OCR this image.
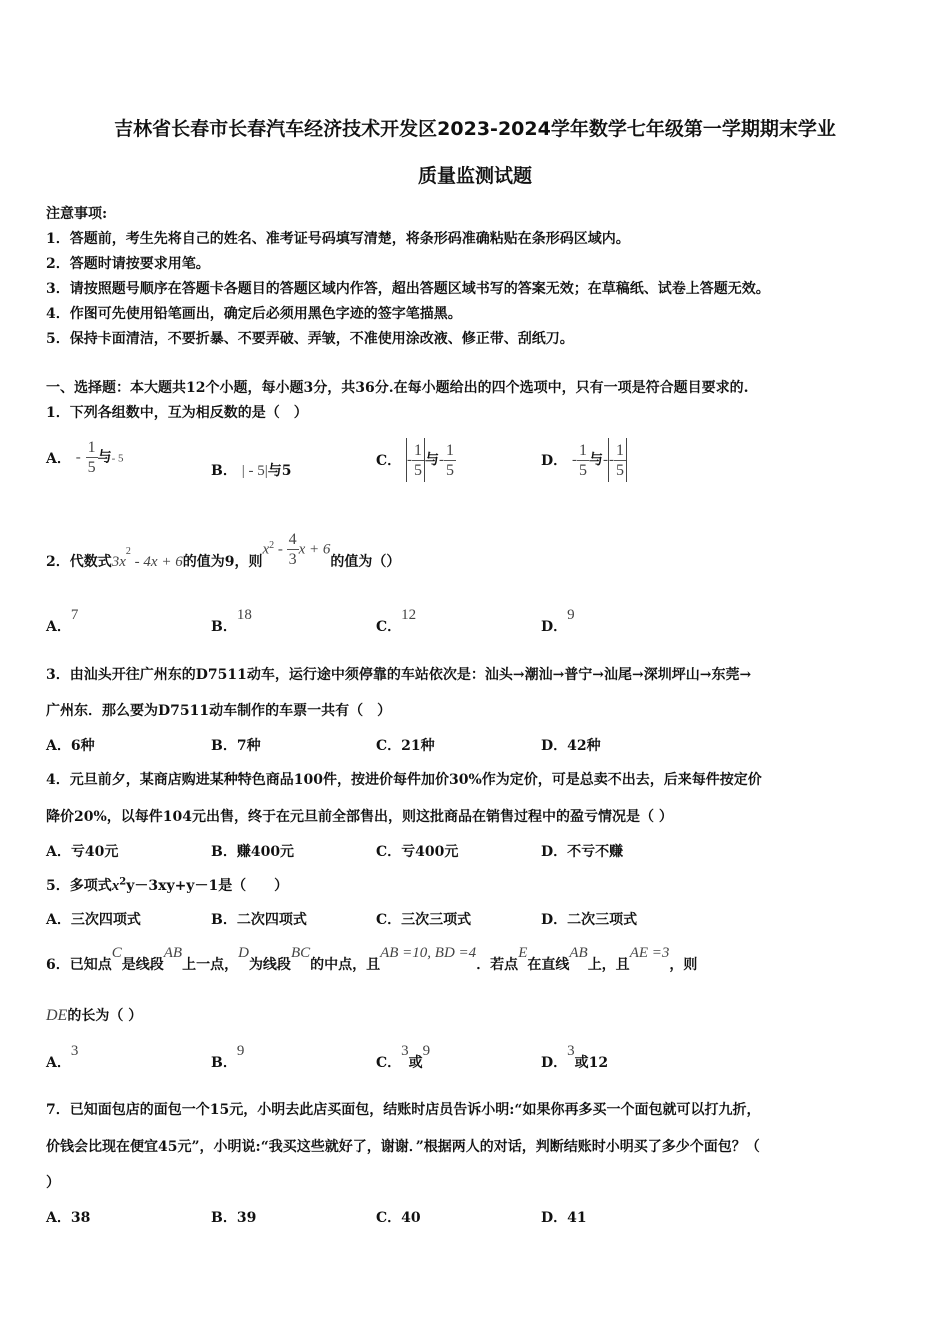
吉林省长春市长春汽车经济技术开发区2023-2024学年数学七年级第一学期期末学业
质量监测试题
注意事项:
1．答题前，考生先将自己的姓名、准考证号码填写清楚，将条形码准确粘贴在条形码区域内。
2．答题时请按要求用笔。
3．请按照题号顺序在答题卡各题目的答题区域内作答，超出答题区域书写的答案无效；在草稿纸、试卷上答题无效。
4．作图可先使用铅笔画出，确定后必须用黑色字迹的签字笔描黑。
5．保持卡面清洁，不要折暴、不要弄破、弄皱，不准使用涂改液、修正带、刮纸刀。
一、选择题：本大题共12个小题，每小题3分，共36分.在每小题给出的四个选项中，只有一项是符合题目要求的.
1．下列各组数中，互为相反数的是（　）
A． - $\frac{1}{5}$ 与- 5
B． | - 5|与5
C． - $\frac{1}{5}$ 与- $\frac{1}{5}$	D． - $\frac{1}{5}$ 与-- $\frac{1}{5}$
2．代数式$3x^2 - 4x + 6$的值为9，则$x^2 - \frac{4}{3}$ x + 6的值为（）
A．7
B．18
C．12
D．9
3．由汕头开往广州东的D7511动车，运行途中须停靠的车站依次是：汕头→潮汕→普宁→汕尾→深圳坪山→东莞→
广州东．那么要为D7511动车制作的车票一共有（　）
A．6种	B．7种	C．21种	D．42种
4．元旦前夕，某商店购进某种特色商品100件，按进价每件加价30%作为定价，可是总卖不出去，后来每件按定价
降价20%，以每件104元出售，终于在元旦前全部售出，则这批商品在销售过程中的盈亏情况是（ ）
A．亏40元	B．赚400元	C．亏400元	D．不亏不赚
5．多项式$x^2y-3xy+y-1$是（　　）
A．三次四项式	B．二次四项式	C．三次三项式	D．二次三项式
6．已知点C是线段AB上一点，D为线段BC的中点，且AB =10, BD =4．若点E在直线AB上，且AE =3，则
DE的长为（ ）
A．3
B．9
C．3或9
D．3或12
7．已知面包店的面包一个15元，小明去此店买面包，结账时店员告诉小明:“如果你再多买一个面包就可以打九折，
价钱会比现在便宜45元”，小明说:“我买这些就好了，谢谢．”根据两人的对话，判断结账时小明买了多少个面包？（
）
A．38	B．39	C．40	D．41
